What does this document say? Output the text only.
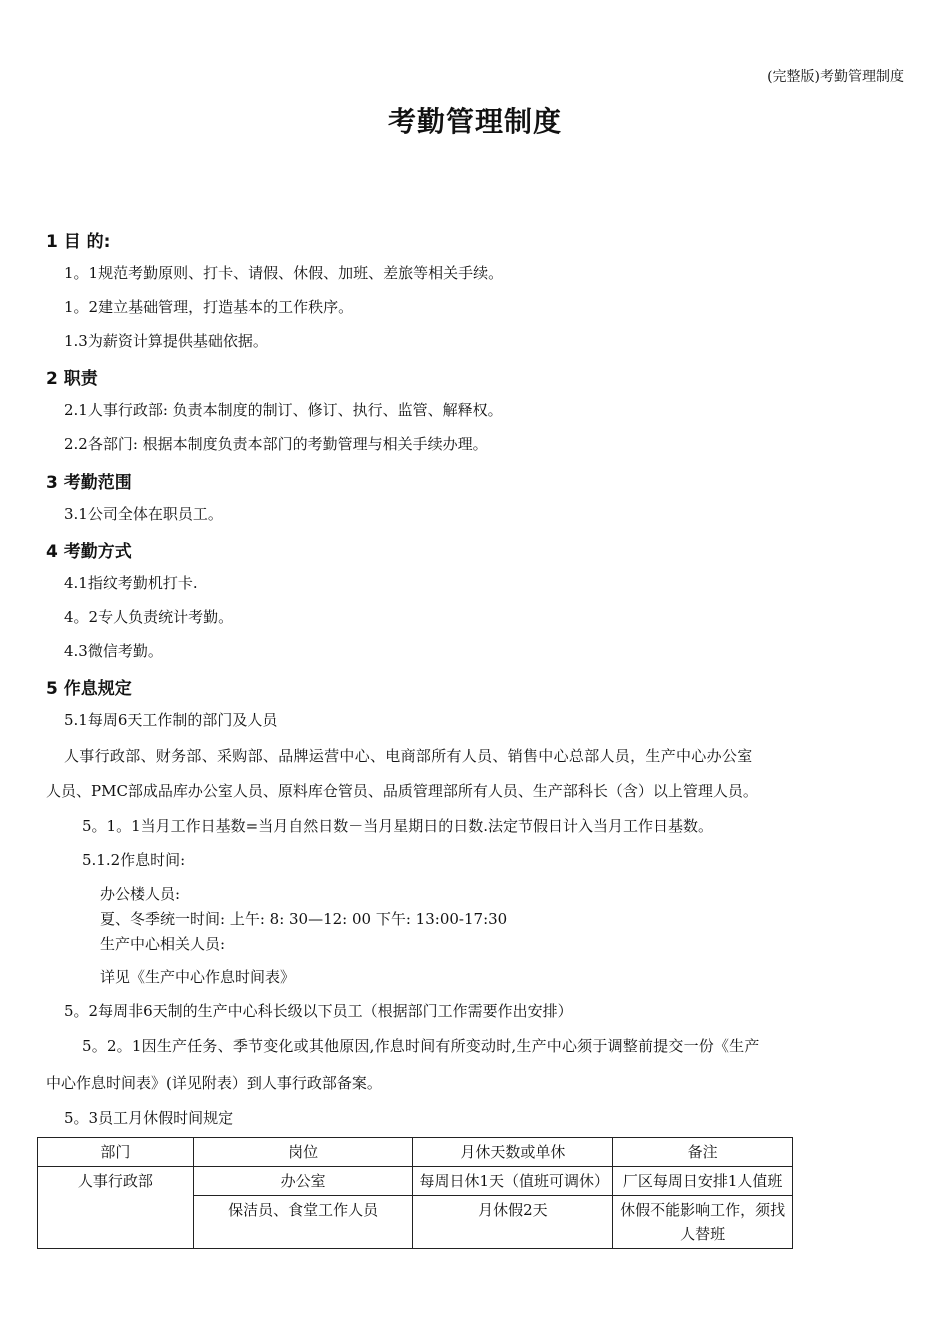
(完整版)考勤管理制度
考勤管理制度
1 目 的:
1。1规范考勤原则、打卡、请假、休假、加班、差旅等相关手续。
1。2建立基础管理，打造基本的工作秩序。
1.3为薪资计算提供基础依据。
2 职责
2.1人事行政部: 负责本制度的制订、修订、执行、监管、解释权。
2.2各部门: 根据本制度负责本部门的考勤管理与相关手续办理。
3 考勤范围
3.1公司全体在职员工。
4 考勤方式
4.1指纹考勤机打卡.
4。2专人负责统计考勤。
4.3微信考勤。
5 作息规定
5.1每周6天工作制的部门及人员
人事行政部、财务部、采购部、品牌运营中心、电商部所有人员、销售中心总部人员，生产中心办公室
人员、PMC部成品库办公室人员、原料库仓管员、品质管理部所有人员、生产部科长（含）以上管理人员。
5。1。1当月工作日基数=当月自然日数－当月星期日的日数.法定节假日计入当月工作日基数。
5.1.2作息时间:
办公楼人员:
夏、冬季统一时间: 上午: 8: 30—12: 00 下午: 13:00-17:30
生产中心相关人员:
详见《生产中心作息时间表》
5。2每周非6天制的生产中心科长级以下员工（根据部门工作需要作出安排）
5。2。1因生产任务、季节变化或其他原因,作息时间有所变动时,生产中心须于调整前提交一份《生产
中心作息时间表》(详见附表）到人事行政部备案。
5。3员工月休假时间规定
部门	岗位	月休天数或单休	备注
人事行政部	办公室	每周日休1天（值班可调休）	厂区每周日安排1人值班
	保洁员、食堂工作人员	月休假2天	休假不能影响工作，须找人替班
